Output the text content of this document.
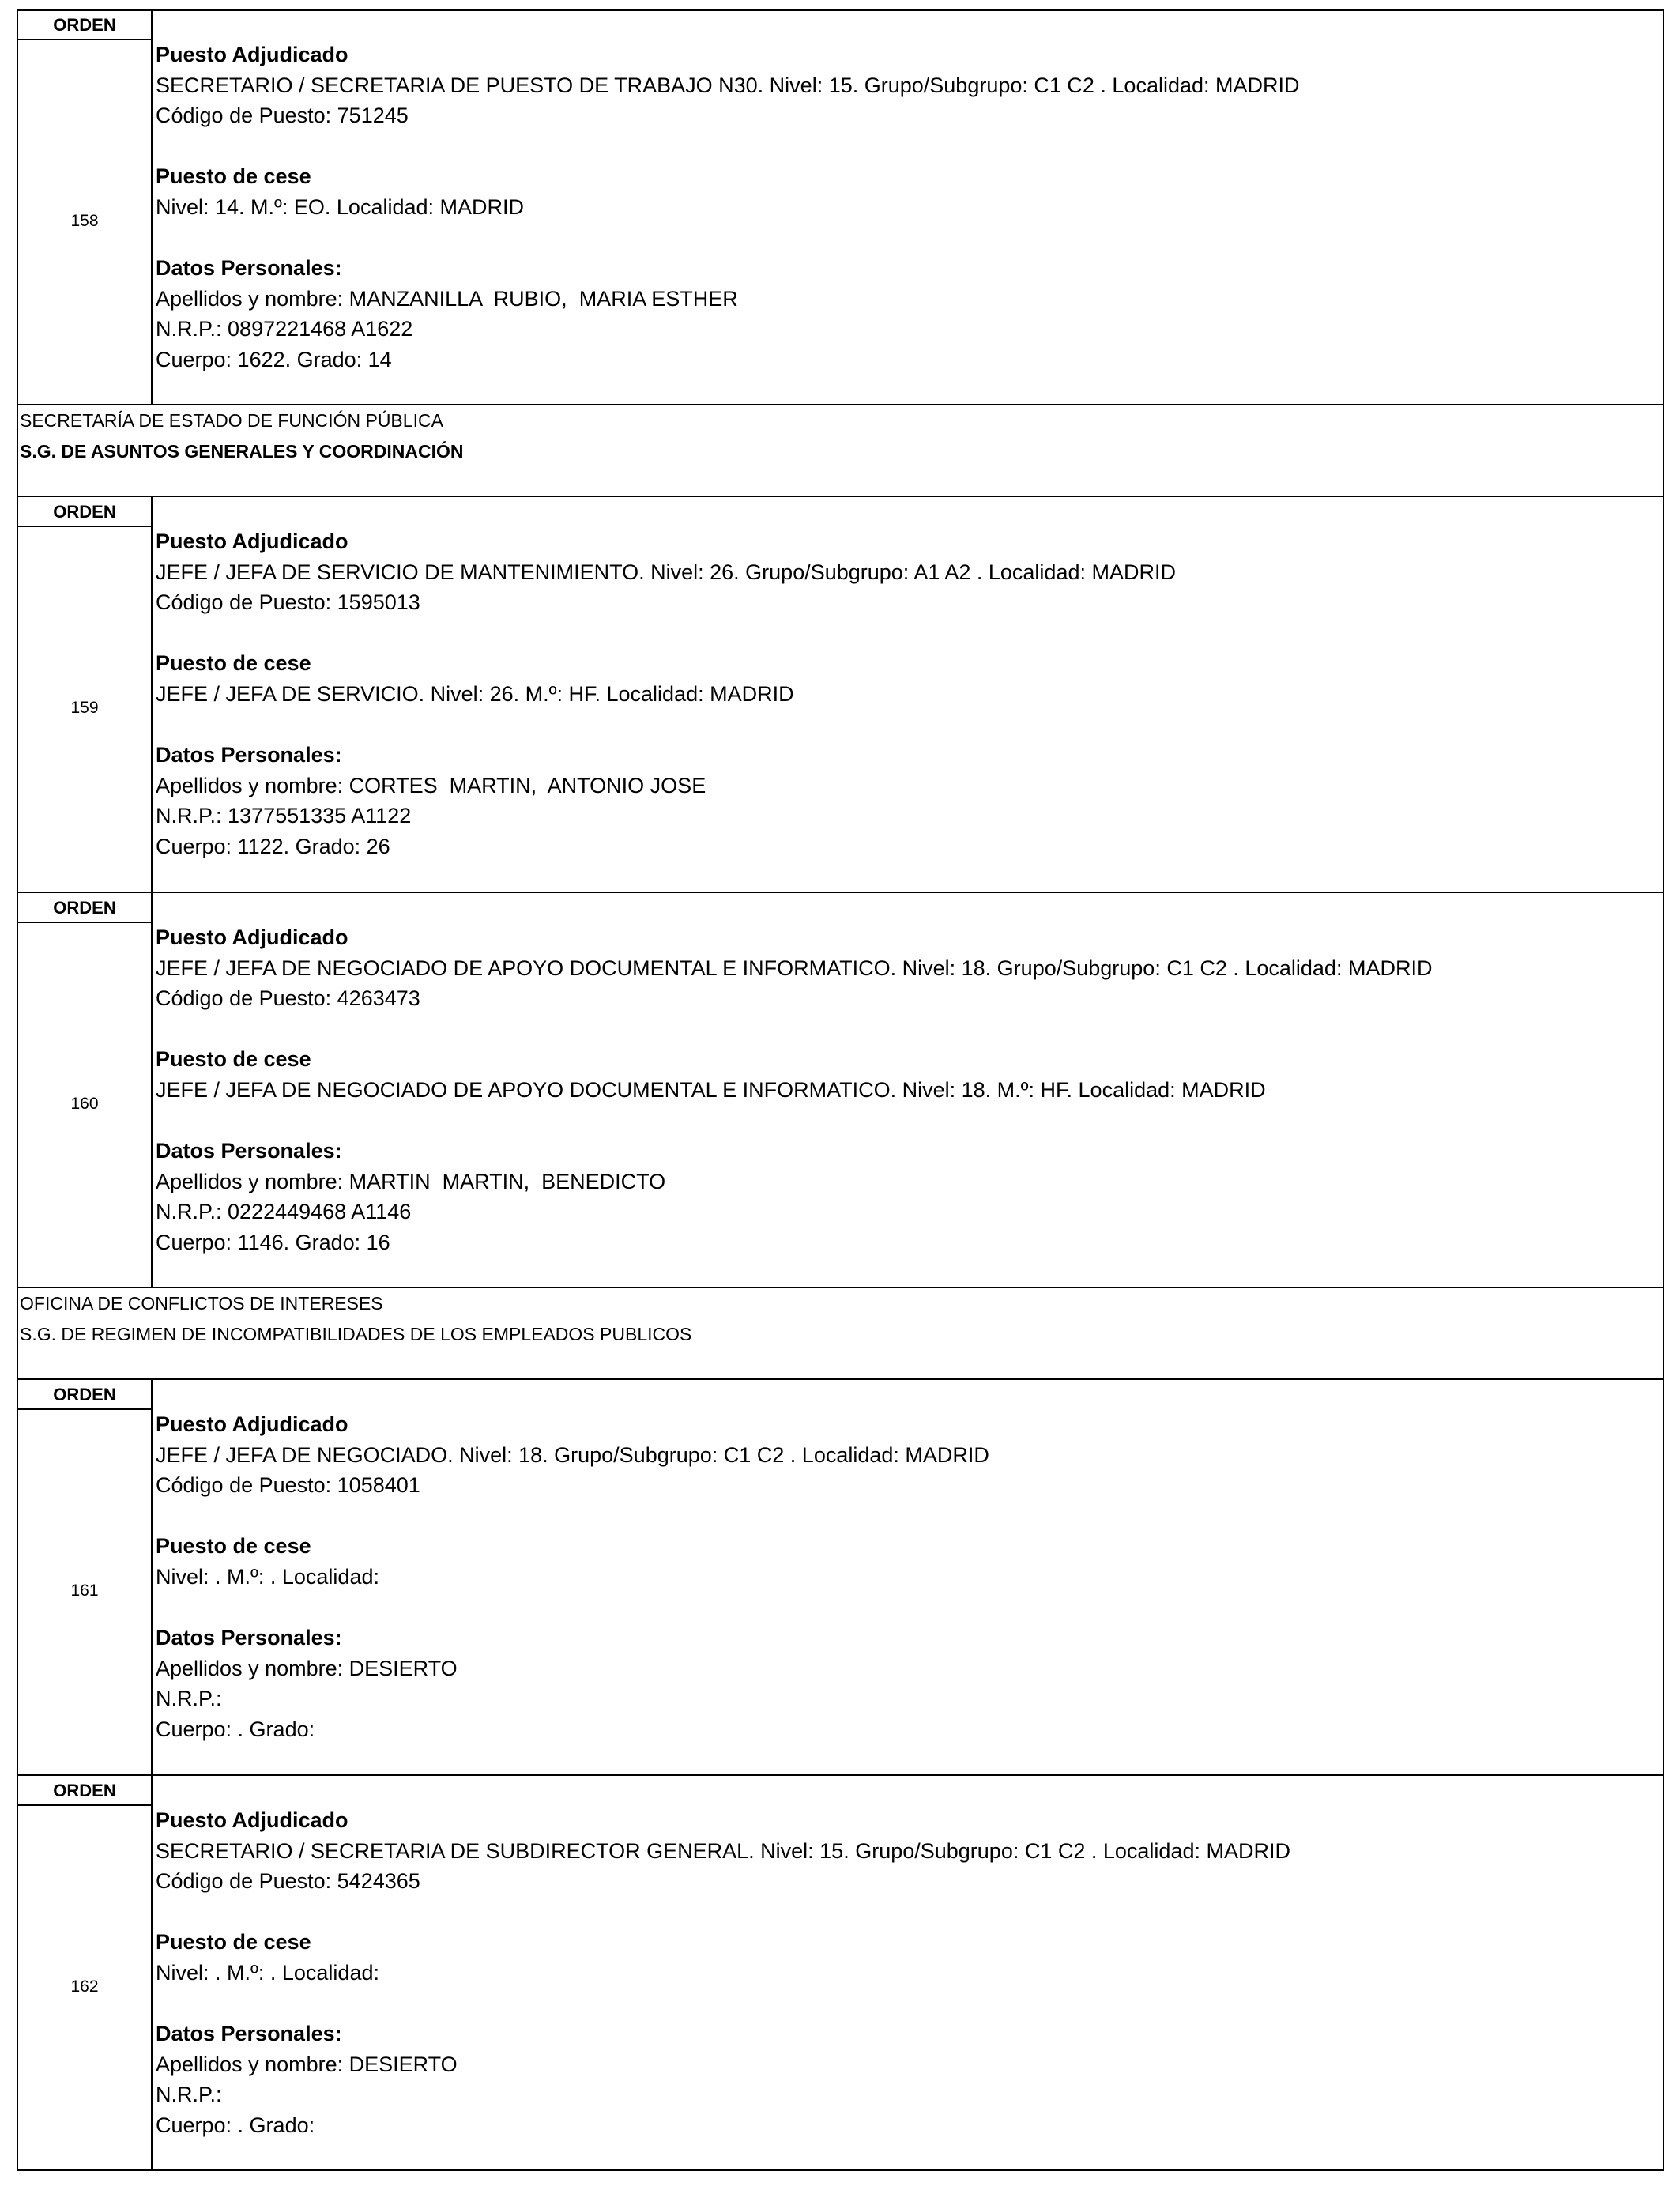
ORDEN
ORDEN
ORDEN
ORDEN
ORDEN
158
159
160
161
162
SECRETARÍA DE ESTADO DE FUNCIÓN PÚBLICA
S.G. DE ASUNTOS GENERALES Y COORDINACIÓN
OFICINA DE CONFLICTOS DE INTERESES
S.G. DE REGIMEN DE INCOMPATIBILIDADES DE LOS EMPLEADOS PUBLICOS
Puesto Adjudicado
SECRETARIO / SECRETARIA DE PUESTO DE TRABAJO N30. Nivel: 15. Grupo/Subgrupo: C1 C2 . Localidad: MADRID
Código de Puesto: 751245
Puesto de cese
Nivel: 14. M.º: EO. Localidad: MADRID
Datos Personales:
Apellidos y nombre: MANZANILLA  RUBIO,  MARIA ESTHER
N.R.P.: 0897221468 A1622
Cuerpo: 1622. Grado: 14
Puesto Adjudicado
JEFE / JEFA DE SERVICIO DE MANTENIMIENTO. Nivel: 26. Grupo/Subgrupo: A1 A2 . Localidad: MADRID
Código de Puesto: 1595013
Puesto de cese
JEFE / JEFA DE SERVICIO. Nivel: 26. M.º: HF. Localidad: MADRID
Datos Personales:
Apellidos y nombre: CORTES  MARTIN,  ANTONIO JOSE
N.R.P.: 1377551335 A1122
Cuerpo: 1122. Grado: 26
Puesto Adjudicado
JEFE / JEFA DE NEGOCIADO DE APOYO DOCUMENTAL E INFORMATICO. Nivel: 18. Grupo/Subgrupo: C1 C2 . Localidad: MADRID
Código de Puesto: 4263473
Puesto de cese
JEFE / JEFA DE NEGOCIADO DE APOYO DOCUMENTAL E INFORMATICO. Nivel: 18. M.º: HF. Localidad: MADRID
Datos Personales:
Apellidos y nombre: MARTIN  MARTIN,  BENEDICTO
N.R.P.: 0222449468 A1146
Cuerpo: 1146. Grado: 16
Puesto Adjudicado
JEFE / JEFA DE NEGOCIADO. Nivel: 18. Grupo/Subgrupo: C1 C2 . Localidad: MADRID
Código de Puesto: 1058401
Puesto de cese
Nivel: . M.º: . Localidad:
Datos Personales:
Apellidos y nombre: DESIERTO
N.R.P.:
Cuerpo: . Grado:
Puesto Adjudicado
SECRETARIO / SECRETARIA DE SUBDIRECTOR GENERAL. Nivel: 15. Grupo/Subgrupo: C1 C2 . Localidad: MADRID
Código de Puesto: 5424365
Puesto de cese
Nivel: . M.º: . Localidad:
Datos Personales:
Apellidos y nombre: DESIERTO
N.R.P.:
Cuerpo: . Grado:
